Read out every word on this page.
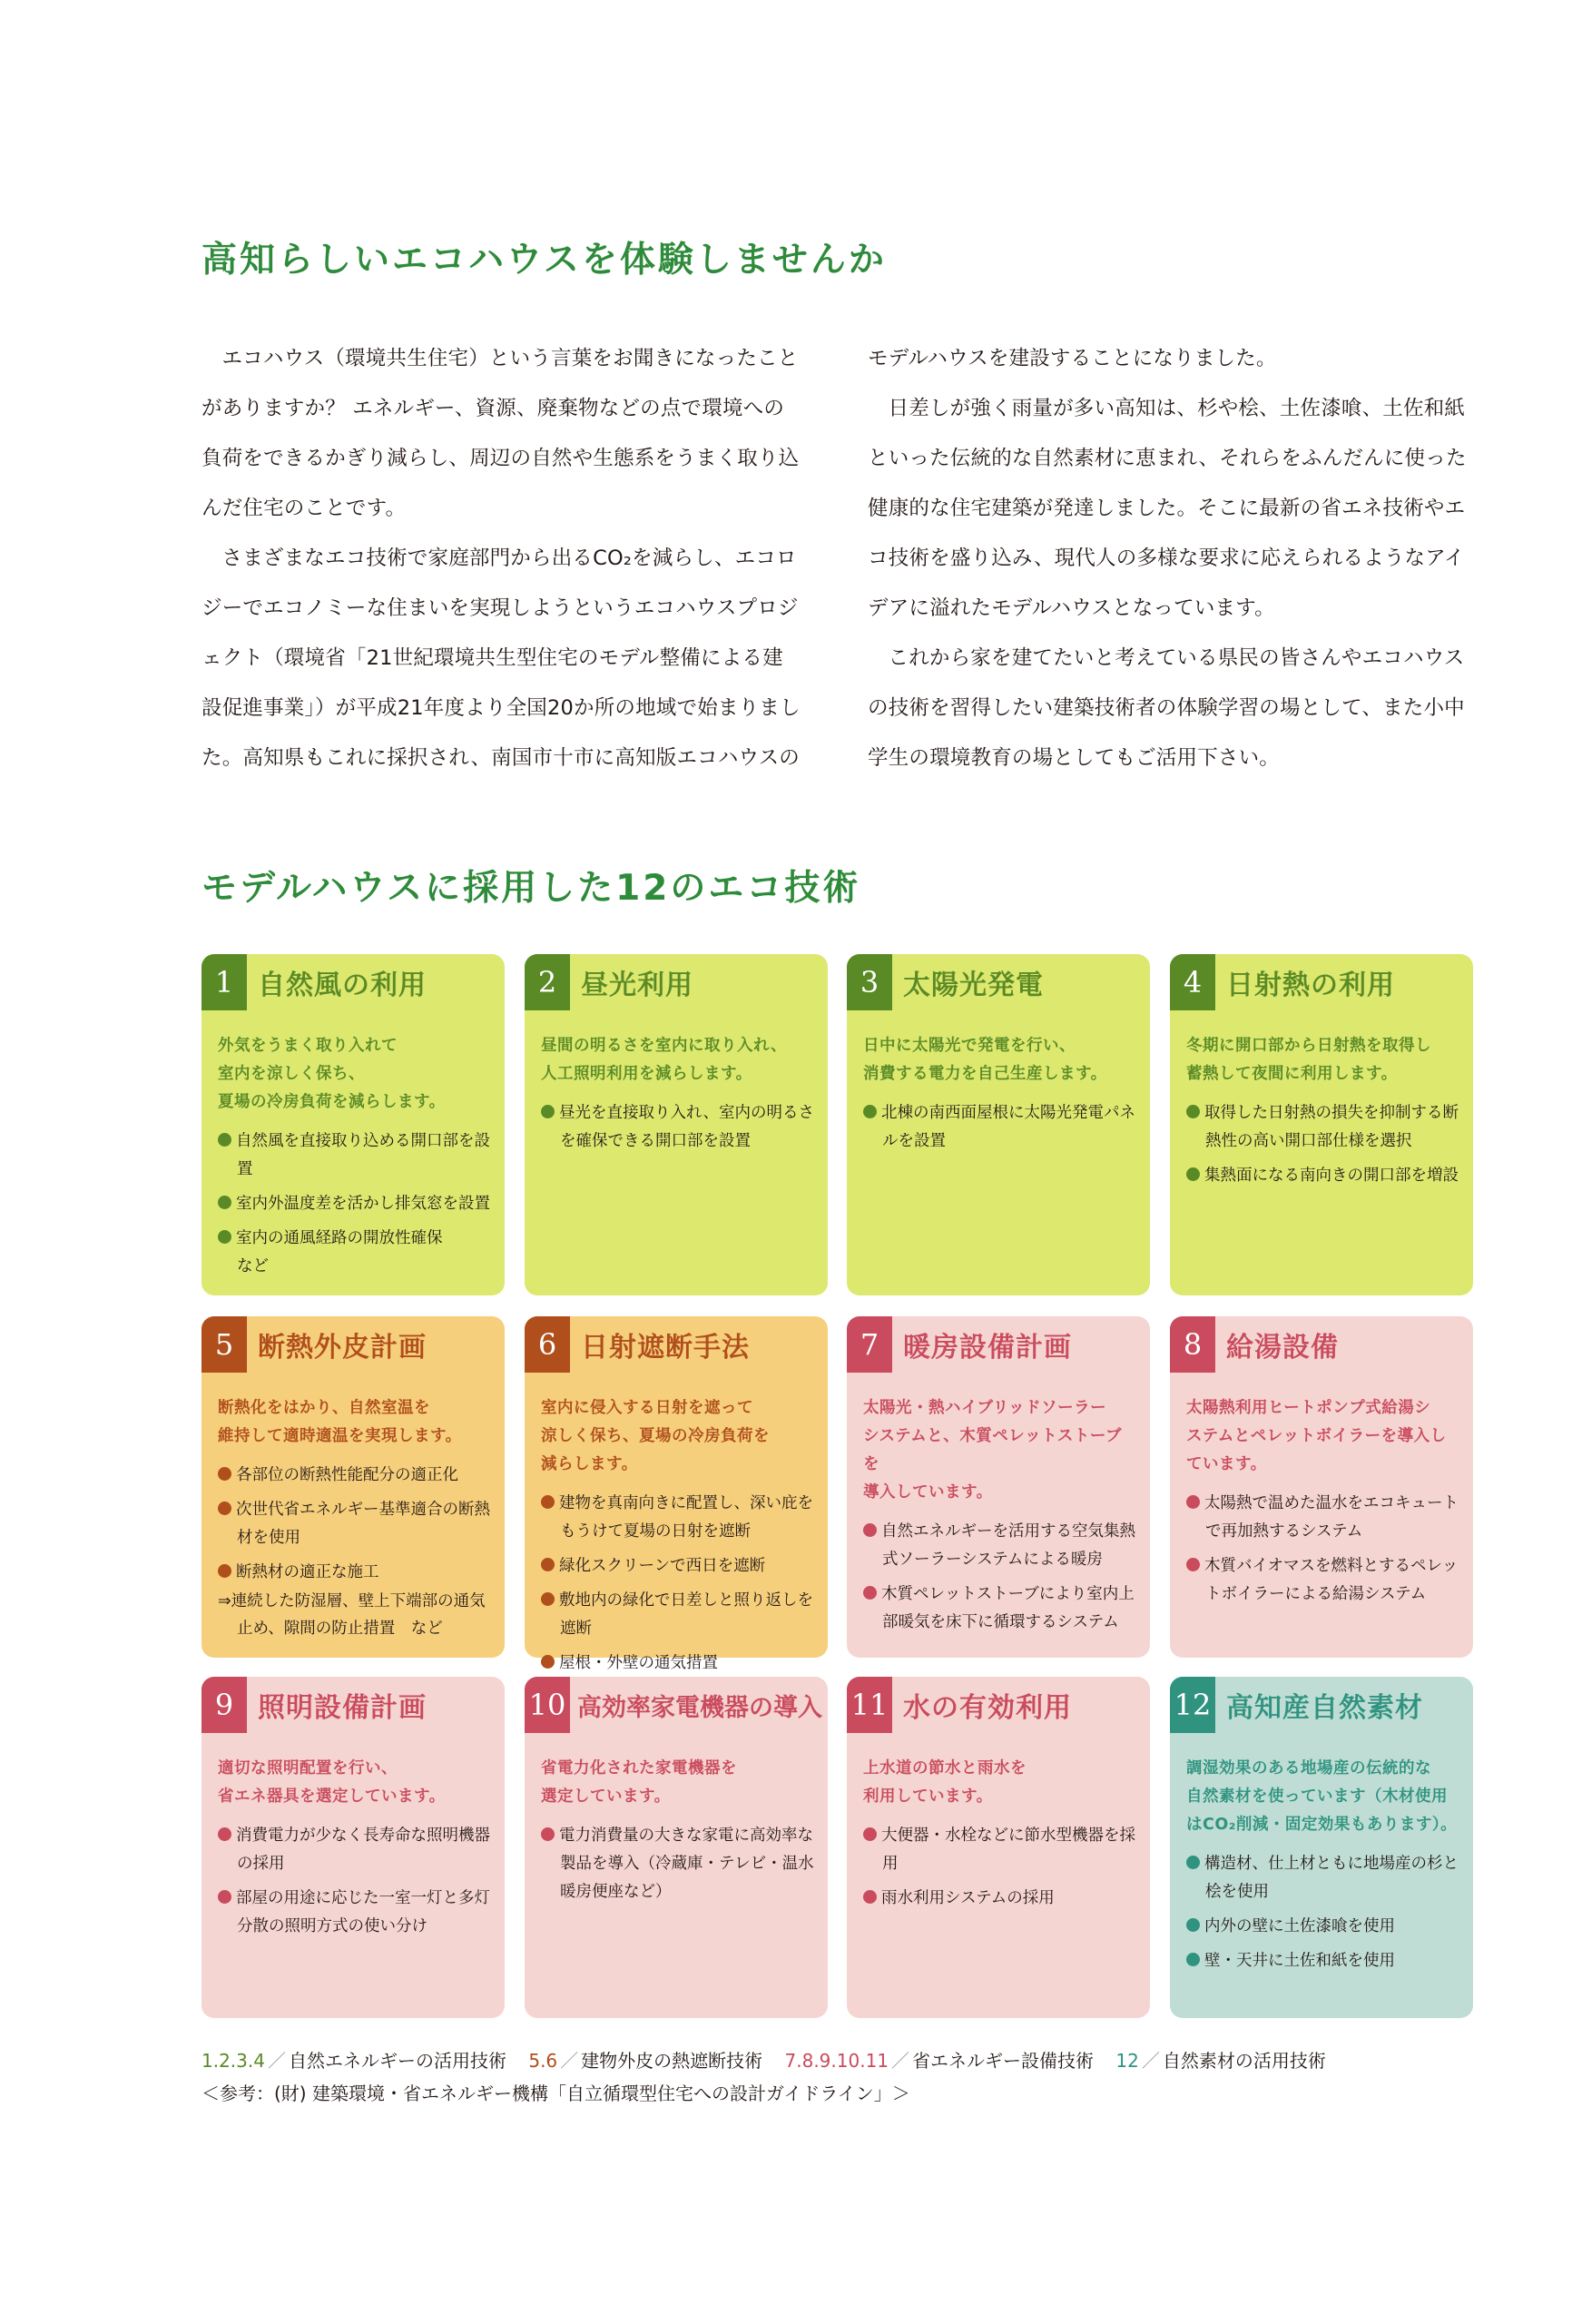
高知らしいエコハウスを体験しませんか

エコハウス（環境共生住宅）という言葉をお聞きになったことがありますか？ エネルギー、資源、廃棄物などの点で環境への負荷をできるかぎり減らし、周辺の自然や生態系をうまく取り込んだ住宅のことです。

さまざまなエコ技術で家庭部門から出るCO₂を減らし、エコロジーでエコノミーな住まいを実現しようというエコハウスプロジェクト（環境省「21世紀環境共生型住宅のモデル整備による建設促進事業」）が平成21年度より全国20か所の地域で始まりました。高知県もこれに採択され、南国市十市に高知版エコハウスの

モデルハウスを建設することになりました。

日差しが強く雨量が多い高知は、杉や桧、土佐漆喰、土佐和紙といった伝統的な自然素材に恵まれ、それらをふんだんに使った健康的な住宅建築が発達しました。そこに最新の省エネ技術やエコ技術を盛り込み、現代人の多様な要求に応えられるようなアイデアに溢れたモデルハウスとなっています。

これから家を建てたいと考えている県民の皆さんやエコハウスの技術を習得したい建築技術者の体験学習の場として、また小中学生の環境教育の場としてもご活用下さい。

モデルハウスに採用した12のエコ技術
1 自然風の利用
外気をうまく取り入れて
室内を涼しく保ち、
夏場の冷房負荷を減らします。
自然風を直接取り込める開口部を設置
室内外温度差を活かし排気窓を設置
室内の通風経路の開放性確保
など
2 昼光利用
昼間の明るさを室内に取り入れ、
人工照明利用を減らします。
昼光を直接取り入れ、室内の明るさを確保できる開口部を設置
3 太陽光発電
日中に太陽光で発電を行い、
消費する電力を自己生産します。
北棟の南西面屋根に太陽光発電パネルを設置
4 日射熱の利用
冬期に開口部から日射熱を取得し
蓄熱して夜間に利用します。
取得した日射熱の損失を抑制する断熱性の高い開口部仕様を選択
集熱面になる南向きの開口部を増設
5 断熱外皮計画
断熱化をはかり、自然室温を
維持して適時適温を実現します。
各部位の断熱性能配分の適正化
次世代省エネルギー基準適合の断熱材を使用
断熱材の適正な施工
⇒連続した防湿層、壁上下端部の通気止め、隙間の防止措置　など
6 日射遮断手法
室内に侵入する日射を遮って
涼しく保ち、夏場の冷房負荷を
減らします。
建物を真南向きに配置し、深い庇をもうけて夏場の日射を遮断
緑化スクリーンで西日を遮断
敷地内の緑化で日差しと照り返しを遮断
屋根・外壁の通気措置
7 暖房設備計画
太陽光・熱ハイブリッドソーラー
システムと、木質ペレットストーブを
導入しています。
自然エネルギーを活用する空気集熱式ソーラーシステムによる暖房
木質ペレットストーブにより室内上部暖気を床下に循環するシステム
8 給湯設備
太陽熱利用ヒートポンプ式給湯シ
ステムとペレットボイラーを導入し
ています。
太陽熱で温めた温水をエコキュートで再加熱するシステム
木質バイオマスを燃料とするペレットボイラーによる給湯システム
9 照明設備計画
適切な照明配置を行い、
省エネ器具を選定しています。
消費電力が少なく長寿命な照明機器の採用
部屋の用途に応じた一室一灯と多灯分散の照明方式の使い分け
10 高効率家電機器の導入
省電力化された家電機器を
選定しています。
電力消費量の大きな家電に高効率な製品を導入（冷蔵庫・テレビ・温水暖房便座など）
11 水の有効利用
上水道の節水と雨水を
利用しています。
大便器・水栓などに節水型機器を採用
雨水利用システムの採用
12 高知産自然素材
調湿効果のある地場産の伝統的な
自然素材を使っています（木材使用
はCO₂削減・固定効果もあります）。
構造材、仕上材ともに地場産の杉と桧を使用
内外の壁に土佐漆喰を使用
壁・天井に土佐和紙を使用
1.2.3.4 ／ 自然エネルギーの活用技術 5.6 ／ 建物外皮の熱遮断技術 7.8.9.10.11 ／ 省エネルギー設備技術 12 ／ 自然素材の活用技術
＜参考：(財) 建築環境・省エネルギー機構「自立循環型住宅への設計ガイドライン」＞
